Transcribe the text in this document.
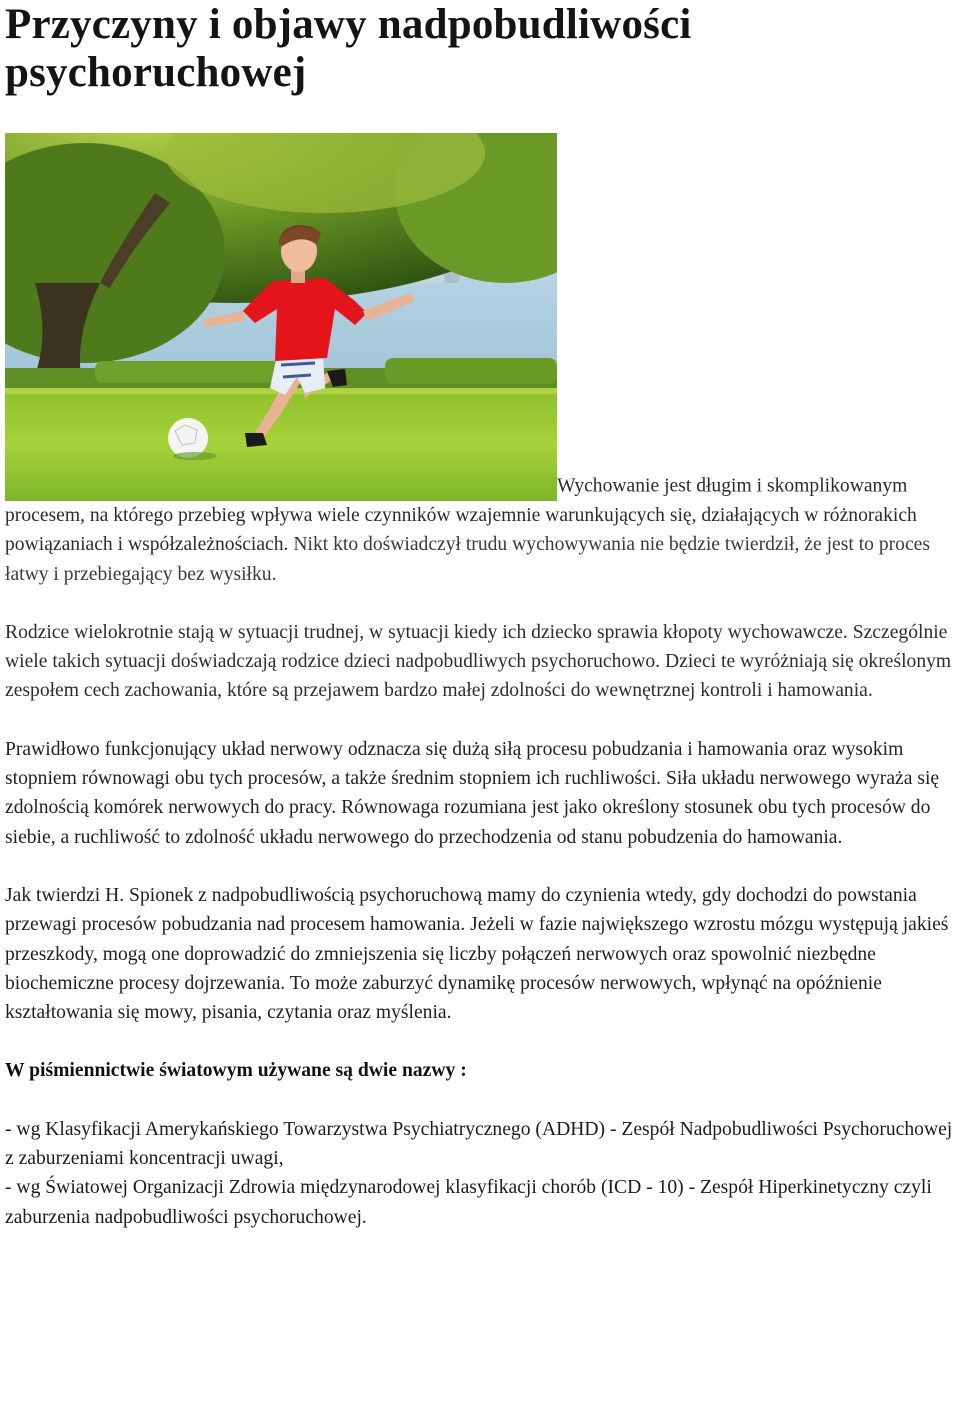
Przyczyny i objawy nadpobudliwości psychoruchowej
Wychowanie jest długim i skomplikowanym procesem, na którego przebieg wpływa wiele czynników wzajemnie warunkujących się, działających w różnorakich powiązaniach i współzależnościach. Nikt kto doświadczył trudu wychowywania nie będzie twierdził, że jest to proces łatwy i przebiegający bez wysiłku.

Rodzice wielokrotnie stają w sytuacji trudnej, w sytuacji kiedy ich dziecko sprawia kłopoty wychowawcze. Szczególnie wiele takich sytuacji doświadczają rodzice dzieci nadpobudliwych psychoruchowo. Dzieci te wyróżniają się określonym zespołem cech zachowania, które są przejawem bardzo małej zdolności do wewnętrznej kontroli i hamowania.

Prawidłowo funkcjonujący układ nerwowy odznacza się dużą siłą procesu pobudzania i hamowania oraz wysokim stopniem równowagi obu tych procesów, a także średnim stopniem ich ruchliwości. Siła układu nerwowego wyraża się zdolnością komórek nerwowych do pracy. Równowaga rozumiana jest jako określony stosunek obu tych procesów do siebie, a ruchliwość to zdolność układu nerwowego do przechodzenia od stanu pobudzenia do hamowania.

Jak twierdzi H. Spionek z nadpobudliwością psychoruchową mamy do czynienia wtedy, gdy dochodzi do powstania przewagi procesów pobudzania nad procesem hamowania. Jeżeli w fazie największego wzrostu mózgu występują jakieś przeszkody, mogą one doprowadzić do zmniejszenia się liczby połączeń nerwowych oraz spowolnić niezbędne biochemiczne procesy dojrzewania. To może zaburzyć dynamikę procesów nerwowych, wpłynąć na opóźnienie kształtowania się mowy, pisania, czytania oraz myślenia.

W piśmiennictwie światowym używane są dwie nazwy :

- wg Klasyfikacji Amerykańskiego Towarzystwa Psychiatrycznego (ADHD) - Zespół Nadpobudliwości Psychoruchowej z zaburzeniami koncentracji uwagi,
- wg Światowej Organizacji Zdrowia międzynarodowej klasyfikacji chorób (ICD - 10) - Zespół Hiperkinetyczny czyli zaburzenia nadpobudliwości psychoruchowej.
